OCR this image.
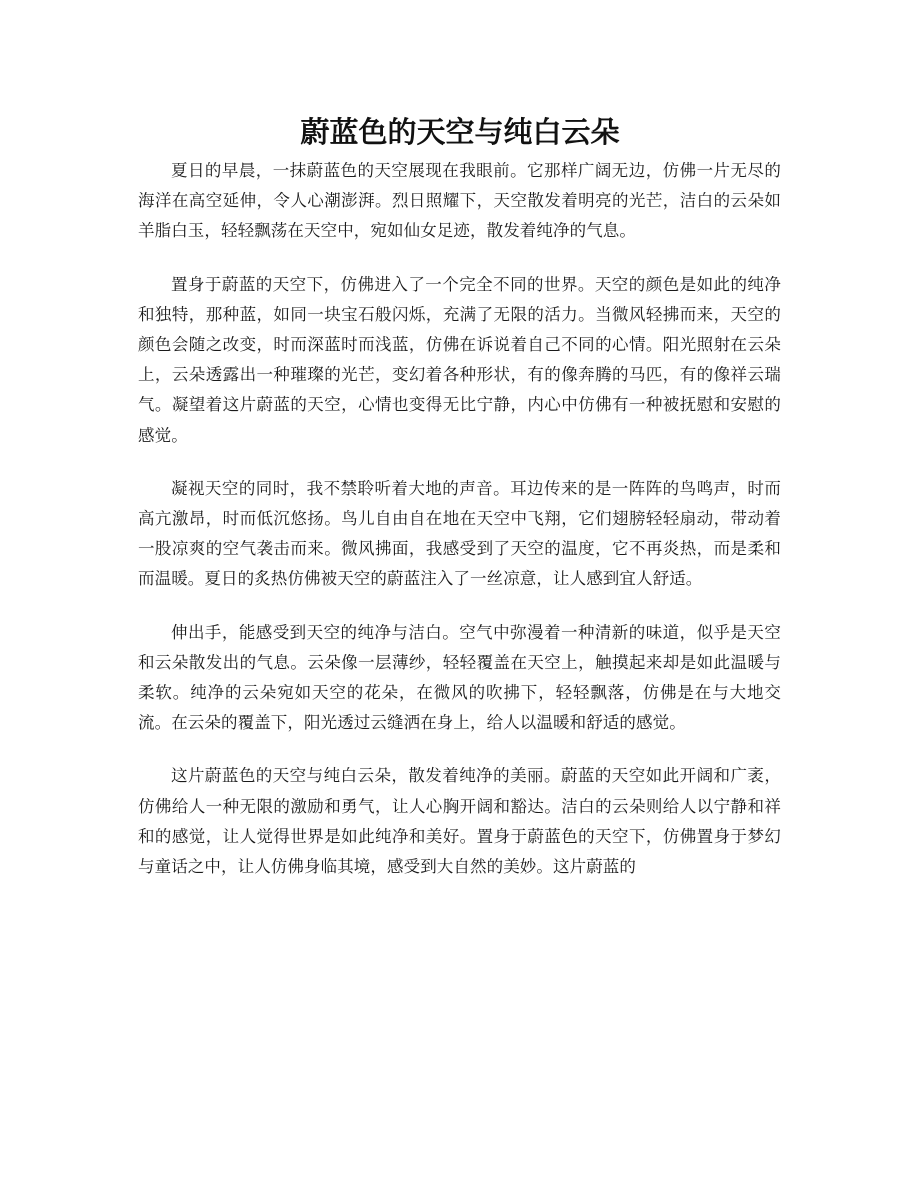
蔚蓝色的天空与纯白云朵

夏日的早晨，一抹蔚蓝色的天空展现在我眼前。它那样广阔无边，仿佛一片无尽的海洋在高空延伸，令人心潮澎湃。烈日照耀下，天空散发着明亮的光芒，洁白的云朵如羊脂白玉，轻轻飘荡在天空中，宛如仙女足迹，散发着纯净的气息。

置身于蔚蓝的天空下，仿佛进入了一个完全不同的世界。天空的颜色是如此的纯净和独特，那种蓝，如同一块宝石般闪烁，充满了无限的活力。当微风轻拂而来，天空的颜色会随之改变，时而深蓝时而浅蓝，仿佛在诉说着自己不同的心情。阳光照射在云朵上，云朵透露出一种璀璨的光芒，变幻着各种形状，有的像奔腾的马匹，有的像祥云瑞气。凝望着这片蔚蓝的天空，心情也变得无比宁静，内心中仿佛有一种被抚慰和安慰的感觉。

凝视天空的同时，我不禁聆听着大地的声音。耳边传来的是一阵阵的鸟鸣声，时而高亢激昂，时而低沉悠扬。鸟儿自由自在地在天空中飞翔，它们翅膀轻轻扇动，带动着一股凉爽的空气袭击而来。微风拂面，我感受到了天空的温度，它不再炎热，而是柔和而温暖。夏日的炙热仿佛被天空的蔚蓝注入了一丝凉意，让人感到宜人舒适。

伸出手，能感受到天空的纯净与洁白。空气中弥漫着一种清新的味道，似乎是天空和云朵散发出的气息。云朵像一层薄纱，轻轻覆盖在天空上，触摸起来却是如此温暖与柔软。纯净的云朵宛如天空的花朵，在微风的吹拂下，轻轻飘落，仿佛是在与大地交流。在云朵的覆盖下，阳光透过云缝洒在身上，给人以温暖和舒适的感觉。

这片蔚蓝色的天空与纯白云朵，散发着纯净的美丽。蔚蓝的天空如此开阔和广袤，仿佛给人一种无限的激励和勇气，让人心胸开阔和豁达。洁白的云朵则给人以宁静和祥和的感觉，让人觉得世界是如此纯净和美好。置身于蔚蓝色的天空下，仿佛置身于梦幻与童话之中，让人仿佛身临其境，感受到大自然的美妙。这片蔚蓝的
